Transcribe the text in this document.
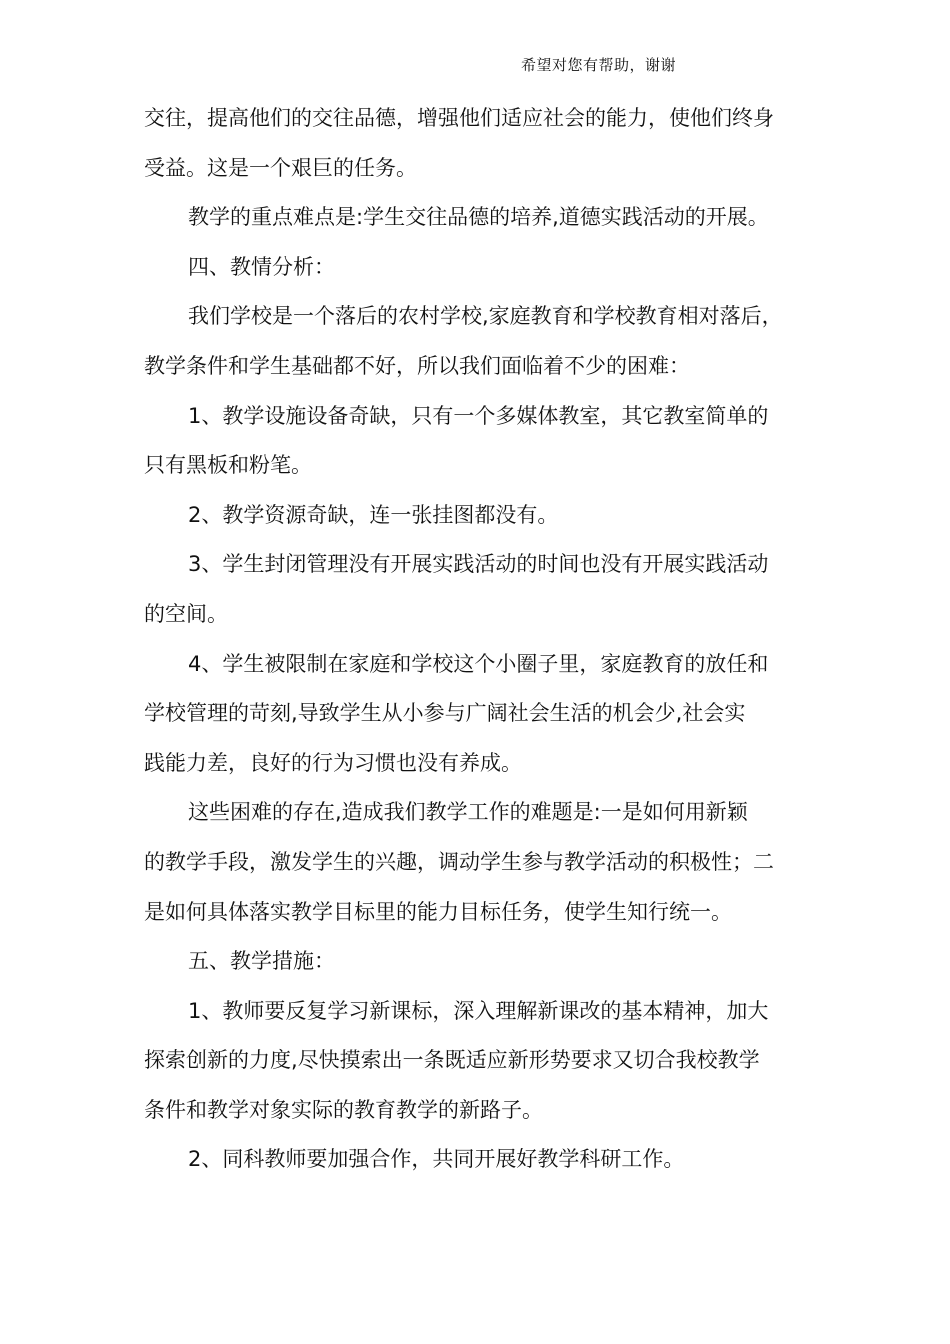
希望对您有帮助，谢谢

交往，提高他们的交往品德，增强他们适应社会的能力，使他们终身

受益。这是一个艰巨的任务。

教学的重点难点是:学生交往品德的培养,道德实践活动的开展。

四、教情分析：

我们学校是一个落后的农村学校,家庭教育和学校教育相对落后，

教学条件和学生基础都不好，所以我们面临着不少的困难：

1、教学设施设备奇缺，只有一个多媒体教室，其它教室简单的

只有黑板和粉笔。

2、教学资源奇缺，连一张挂图都没有。

3、学生封闭管理没有开展实践活动的时间也没有开展实践活动

的空间。

4、学生被限制在家庭和学校这个小圈子里，家庭教育的放任和

学校管理的苛刻,导致学生从小参与广阔社会生活的机会少,社会实

践能力差，良好的行为习惯也没有养成。

这些困难的存在,造成我们教学工作的难题是:一是如何用新颖

的教学手段，激发学生的兴趣，调动学生参与教学活动的积极性；二

是如何具体落实教学目标里的能力目标任务，使学生知行统一。

五、教学措施：

1、教师要反复学习新课标，深入理解新课改的基本精神，加大

探索创新的力度,尽快摸索出一条既适应新形势要求又切合我校教学

条件和教学对象实际的教育教学的新路子。

2、同科教师要加强合作，共同开展好教学科研工作。
